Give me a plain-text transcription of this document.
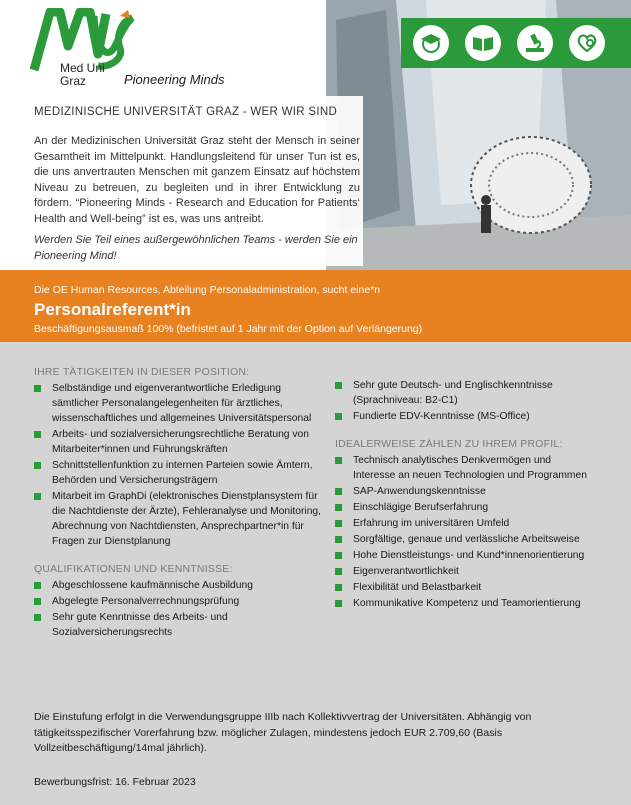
Med Uni
Graz	Pioneering Minds
MEDIZINISCHE UNIVERSITÄT GRAZ - WER WIR SIND
An der Medizinischen Universität Graz steht der Mensch in seiner Gesamtheit im Mittelpunkt. Handlungsleitend für unser Tun ist es, die uns anvertrauten Menschen mit ganzem Einsatz auf höchstem Niveau zu betreuen, zu begleiten und in ihrer Entwicklung zu fördern. “Pioneering Minds - Research and Education for Patients‘ Health and Well-being” ist es, was uns antreibt.
Werden Sie Teil eines außergewöhnlichen Teams - werden Sie ein Pioneering Mind!
Die OE Human Resources, Abteilung Personaladministration, sucht eine*n
Personalreferent*in
Beschäftigungsausmaß 100% (befristet auf 1 Jahr mit der Option auf Verlängerung)
IHRE TÄTIGKEITEN IN DIESER POSITION:
Selbständige und eigenverantwortliche Erledigung sämtlicher Personalangelegenheiten für ärztliches, wissenschaftliches und allgemeines Universitätspersonal
Arbeits- und sozialversicherungsrechtliche Beratung von Mitarbeiter*innen und Führungskräften
Schnittstellenfunktion zu internen Parteien sowie Ämtern, Behörden und Versicherungsträgern
Mitarbeit im GraphDi (elektronisches Dienstplansystem für die Nachtdienste der Ärzte), Fehleranalyse und Monitoring, Abrechnung von Nachtdiensten, Ansprechpartner*in für Fragen zur Dienstplanung
QUALIFIKATIONEN UND KENNTNISSE:
Abgeschlossene kaufmännische Ausbildung
Abgelegte Personalverrechnungsprüfung
Sehr gute Kenntnisse des Arbeits- und Sozialversicherungsrechts
Sehr gute Deutsch- und Englischkenntnisse (Sprachniveau: B2-C1)
Fundierte EDV-Kenntnisse (MS-Office)
IDEALERWEISE ZÄHLEN ZU IHREM PROFIL:
Technisch analytisches Denkvermögen und Interesse an neuen Technologien und Programmen
SAP-Anwendungskenntnisse
Einschlägige Berufserfahrung
Erfahrung im universitären Umfeld
Sorgfältige, genaue und verlässliche Arbeitsweise
Hohe Dienstleistungs- und Kund*innenorientierung
Eigenverantwortlichkeit
Flexibilität und Belastbarkeit
Kommunikative Kompetenz und Teamorientierung
Die Einstufung erfolgt in die Verwendungsgruppe IIIb nach Kollektivvertrag der Universitäten. Abhängig von tätigkeitsspezifischer Vorerfahrung bzw. möglicher Zulagen, mindestens jedoch EUR 2.709,60 (Basis Vollzeitbeschäftigung/14mal jährlich).
Bewerbungsfrist: 16. Februar 2023
